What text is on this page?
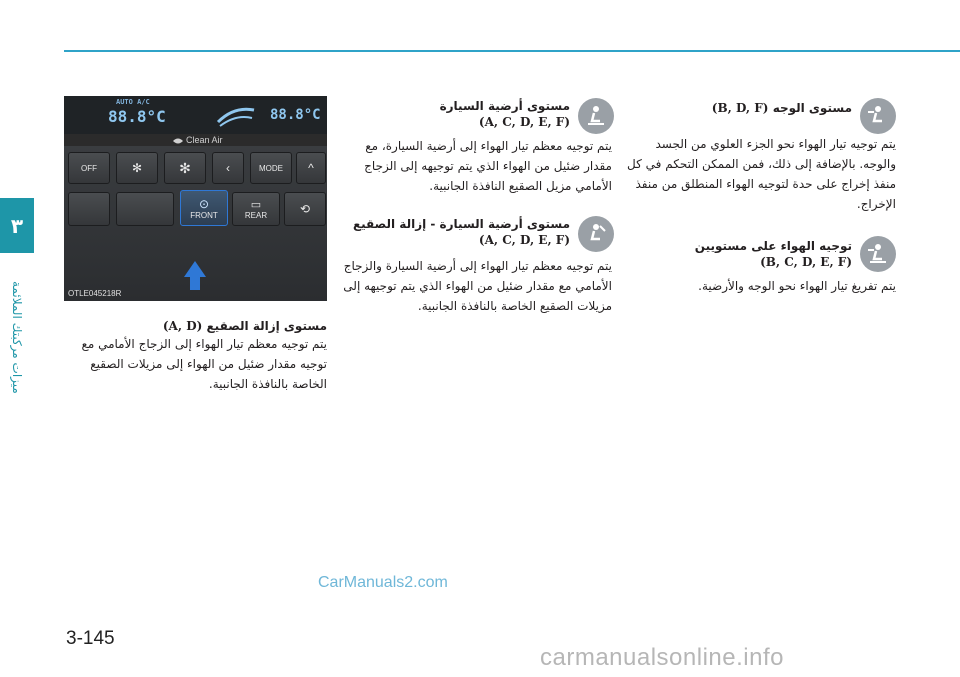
٣
ميزات مركبتك الملائمة
AUTO A/C
88.8°C	88.8°C
Clean Air
OFF	✻	✻	‹	MODE	^
⊙
FRONT
▭
REAR	⟲
OTLE045218R

مستوى إزالة الصقيع (A, D)

يتم توجيه معظم تيار الهواء إلى الزجاج الأمامي مع توجيه مقدار ضئيل من الهواء إلى مزيلات الصقيع الخاصة بالنافذة الجانبية.

مستوى أرضية السيارة

(A, C, D, E, F)

يتم توجيه معظم تيار الهواء إلى أرضية السيارة، مع مقدار ضئيل من الهواء الذي يتم توجيهه إلى الزجاج الأمامي مزيل الصقيع النافذة الجانبية.

مستوى أرضية السيارة - إزالة الصقيع

(A, C, D, E, F)

يتم توجيه معظم تيار الهواء إلى أرضية السيارة والزجاج الأمامي مع مقدار ضئيل من الهواء الذي يتم توجيهه إلى مزيلات الصقيع الخاصة بالنافذة الجانبية.

مستوى الوجه (B, D, F)

يتم توجيه تيار الهواء نحو الجزء العلوي من الجسد والوجه. بالإضافة إلى ذلك، فمن الممكن التحكم في كل منفذ إخراج على حدة لتوجيه الهواء المنطلق من منفذ الإخراج.

توجيه الهواء على مستويين

(B, C, D, E, F)

يتم تفريغ تيار الهواء نحو الوجه والأرضية.

CarManuals2.com
3-145
carmanualsonline.info
